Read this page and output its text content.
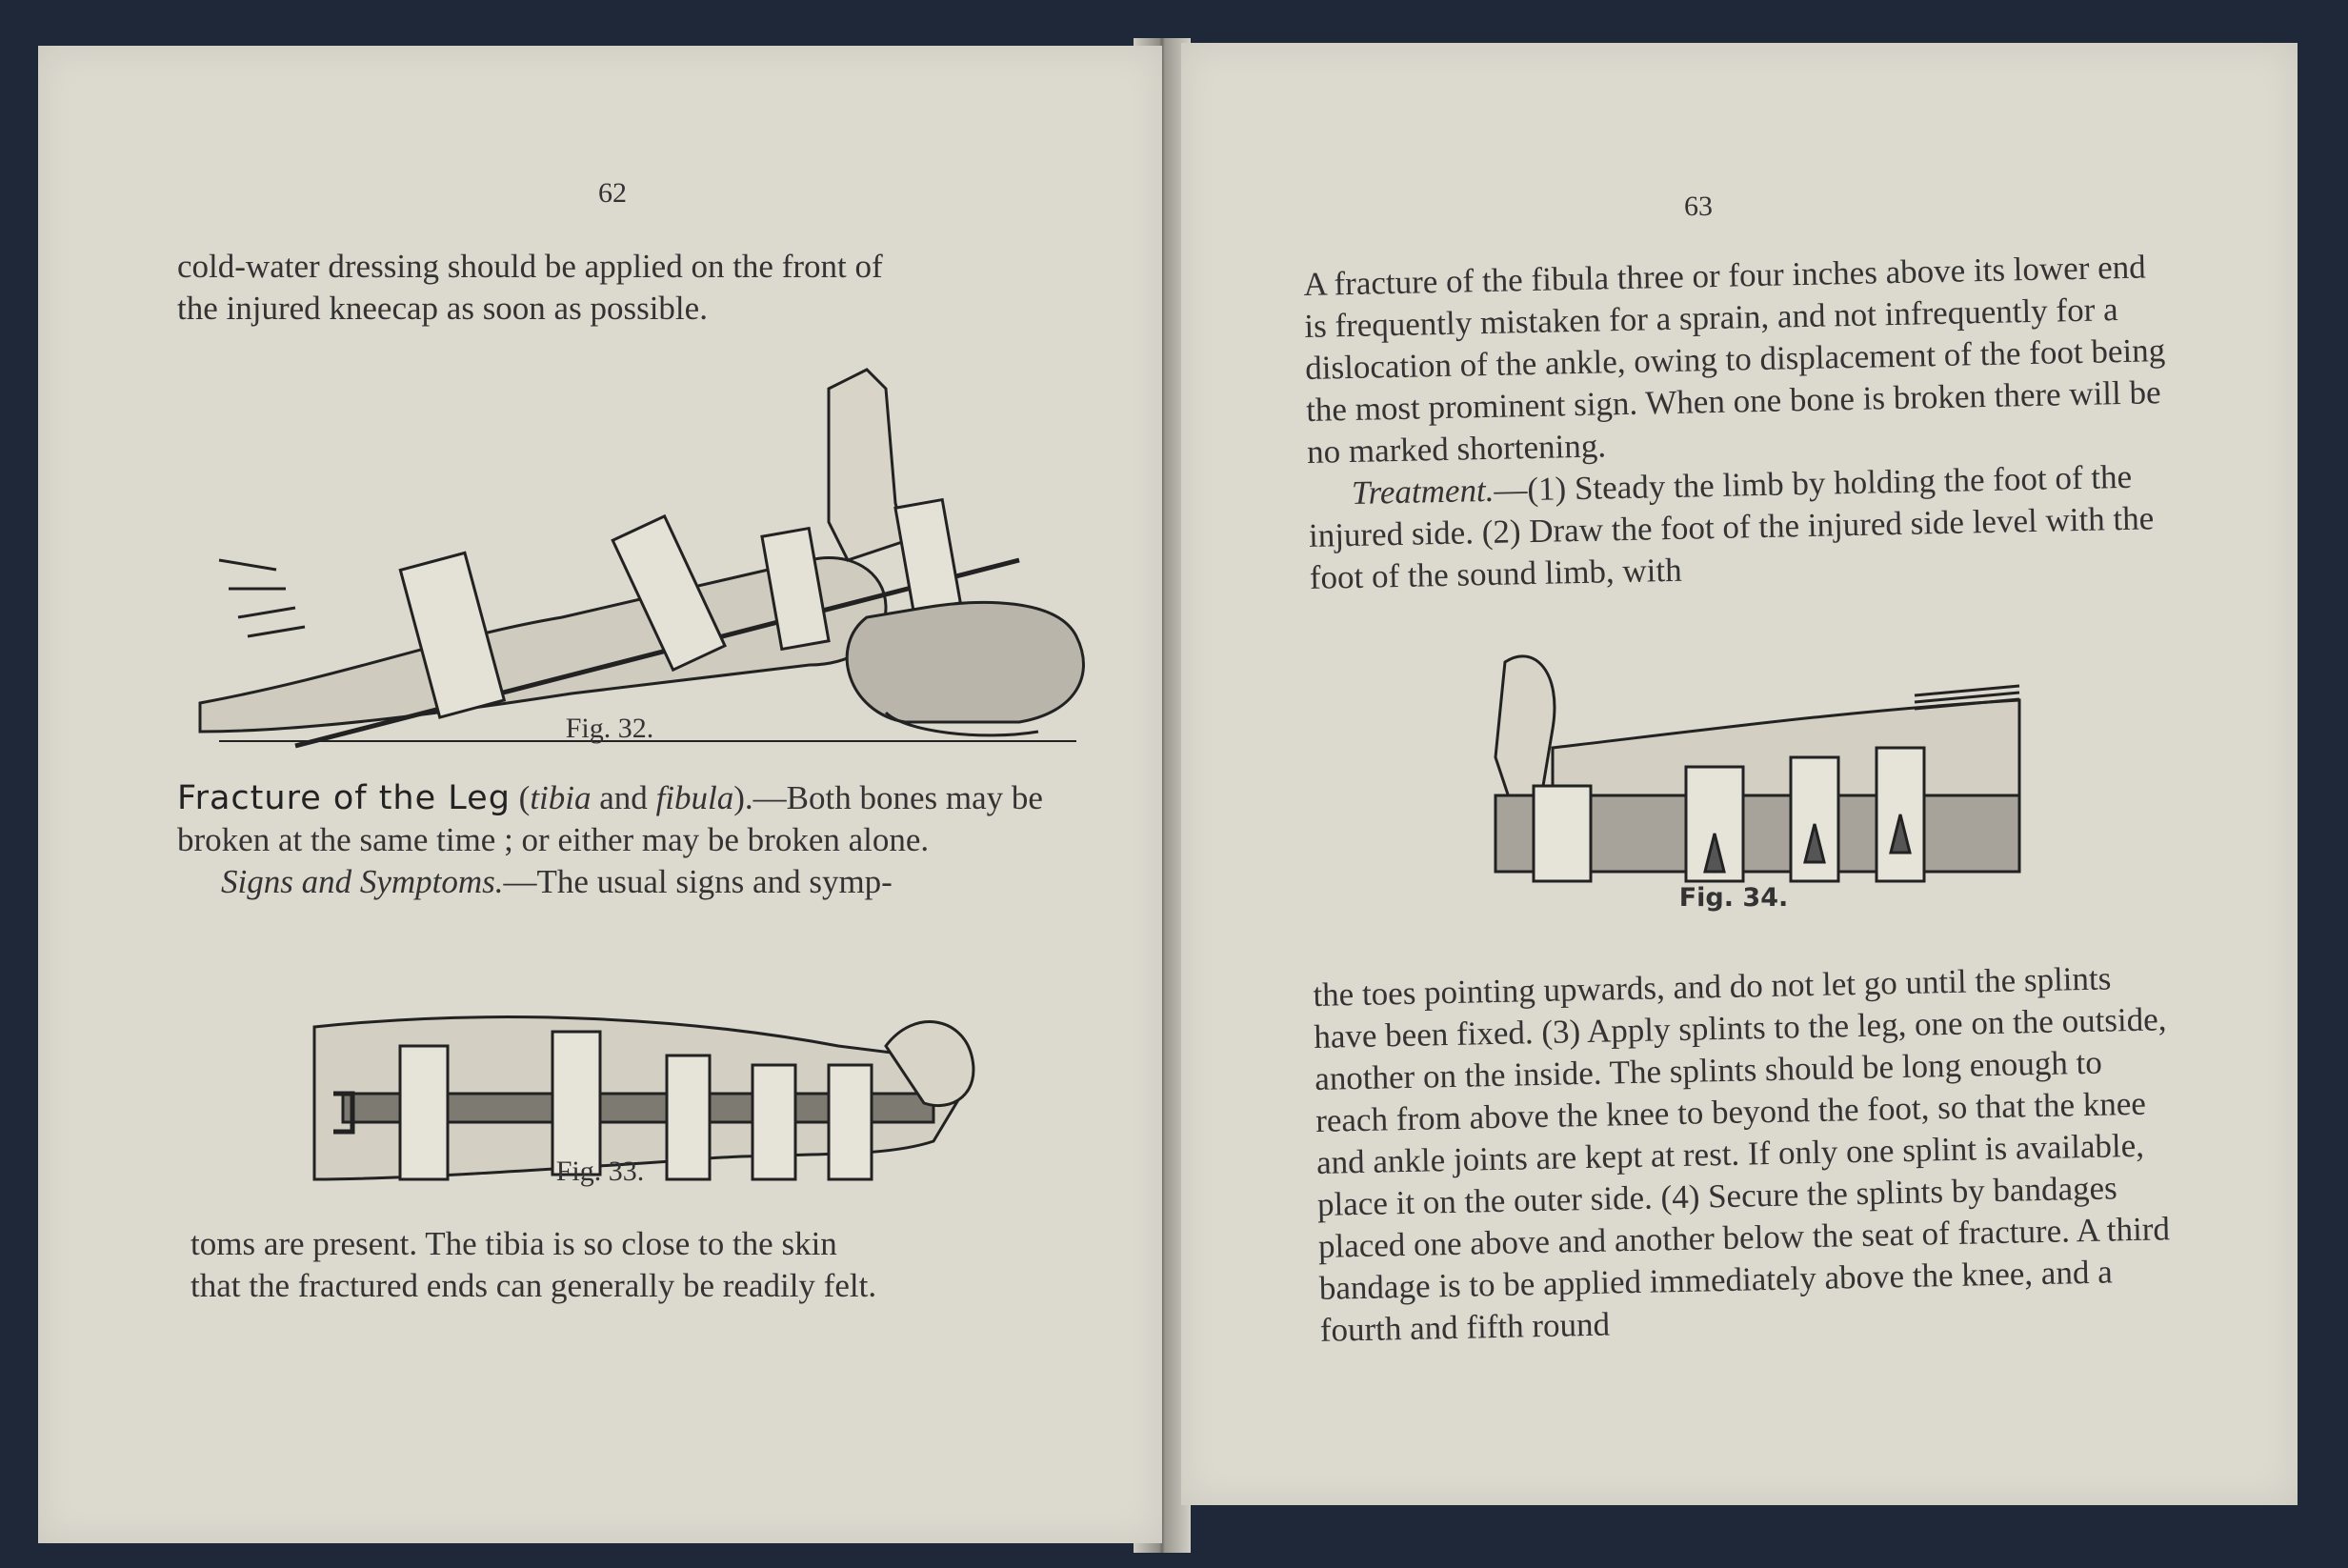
62

cold-water dressing should be applied on the front of

the injured kneecap as soon as possible.

Fig. 32.

Fracture of the Leg (tibia and fibula).—Both bones may be broken at the same time ; or either may be broken alone.

Signs and Symptoms.—The usual signs and symp-

Fig. 33.

toms are present. The tibia is so close to the skin

that the fractured ends can generally be readily felt.

63

A fracture of the fibula three or four inches above its lower end is frequently mistaken for a sprain, and not infrequently for a dislocation of the ankle, owing to displacement of the foot being the most prominent sign. When one bone is broken there will be no marked shortening.

Treatment.—(1) Steady the limb by holding the foot of the injured side. (2) Draw the foot of the injured side level with the foot of the sound limb, with

Fig. 34.

the toes pointing upwards, and do not let go until the splints have been fixed. (3) Apply splints to the leg, one on the outside, another on the inside. The splints should be long enough to reach from above the knee to beyond the foot, so that the knee and ankle joints are kept at rest. If only one splint is available, place it on the outer side. (4) Secure the splints by bandages placed one above and another below the seat of fracture. A third bandage is to be applied immediately above the knee, and a fourth and fifth round
